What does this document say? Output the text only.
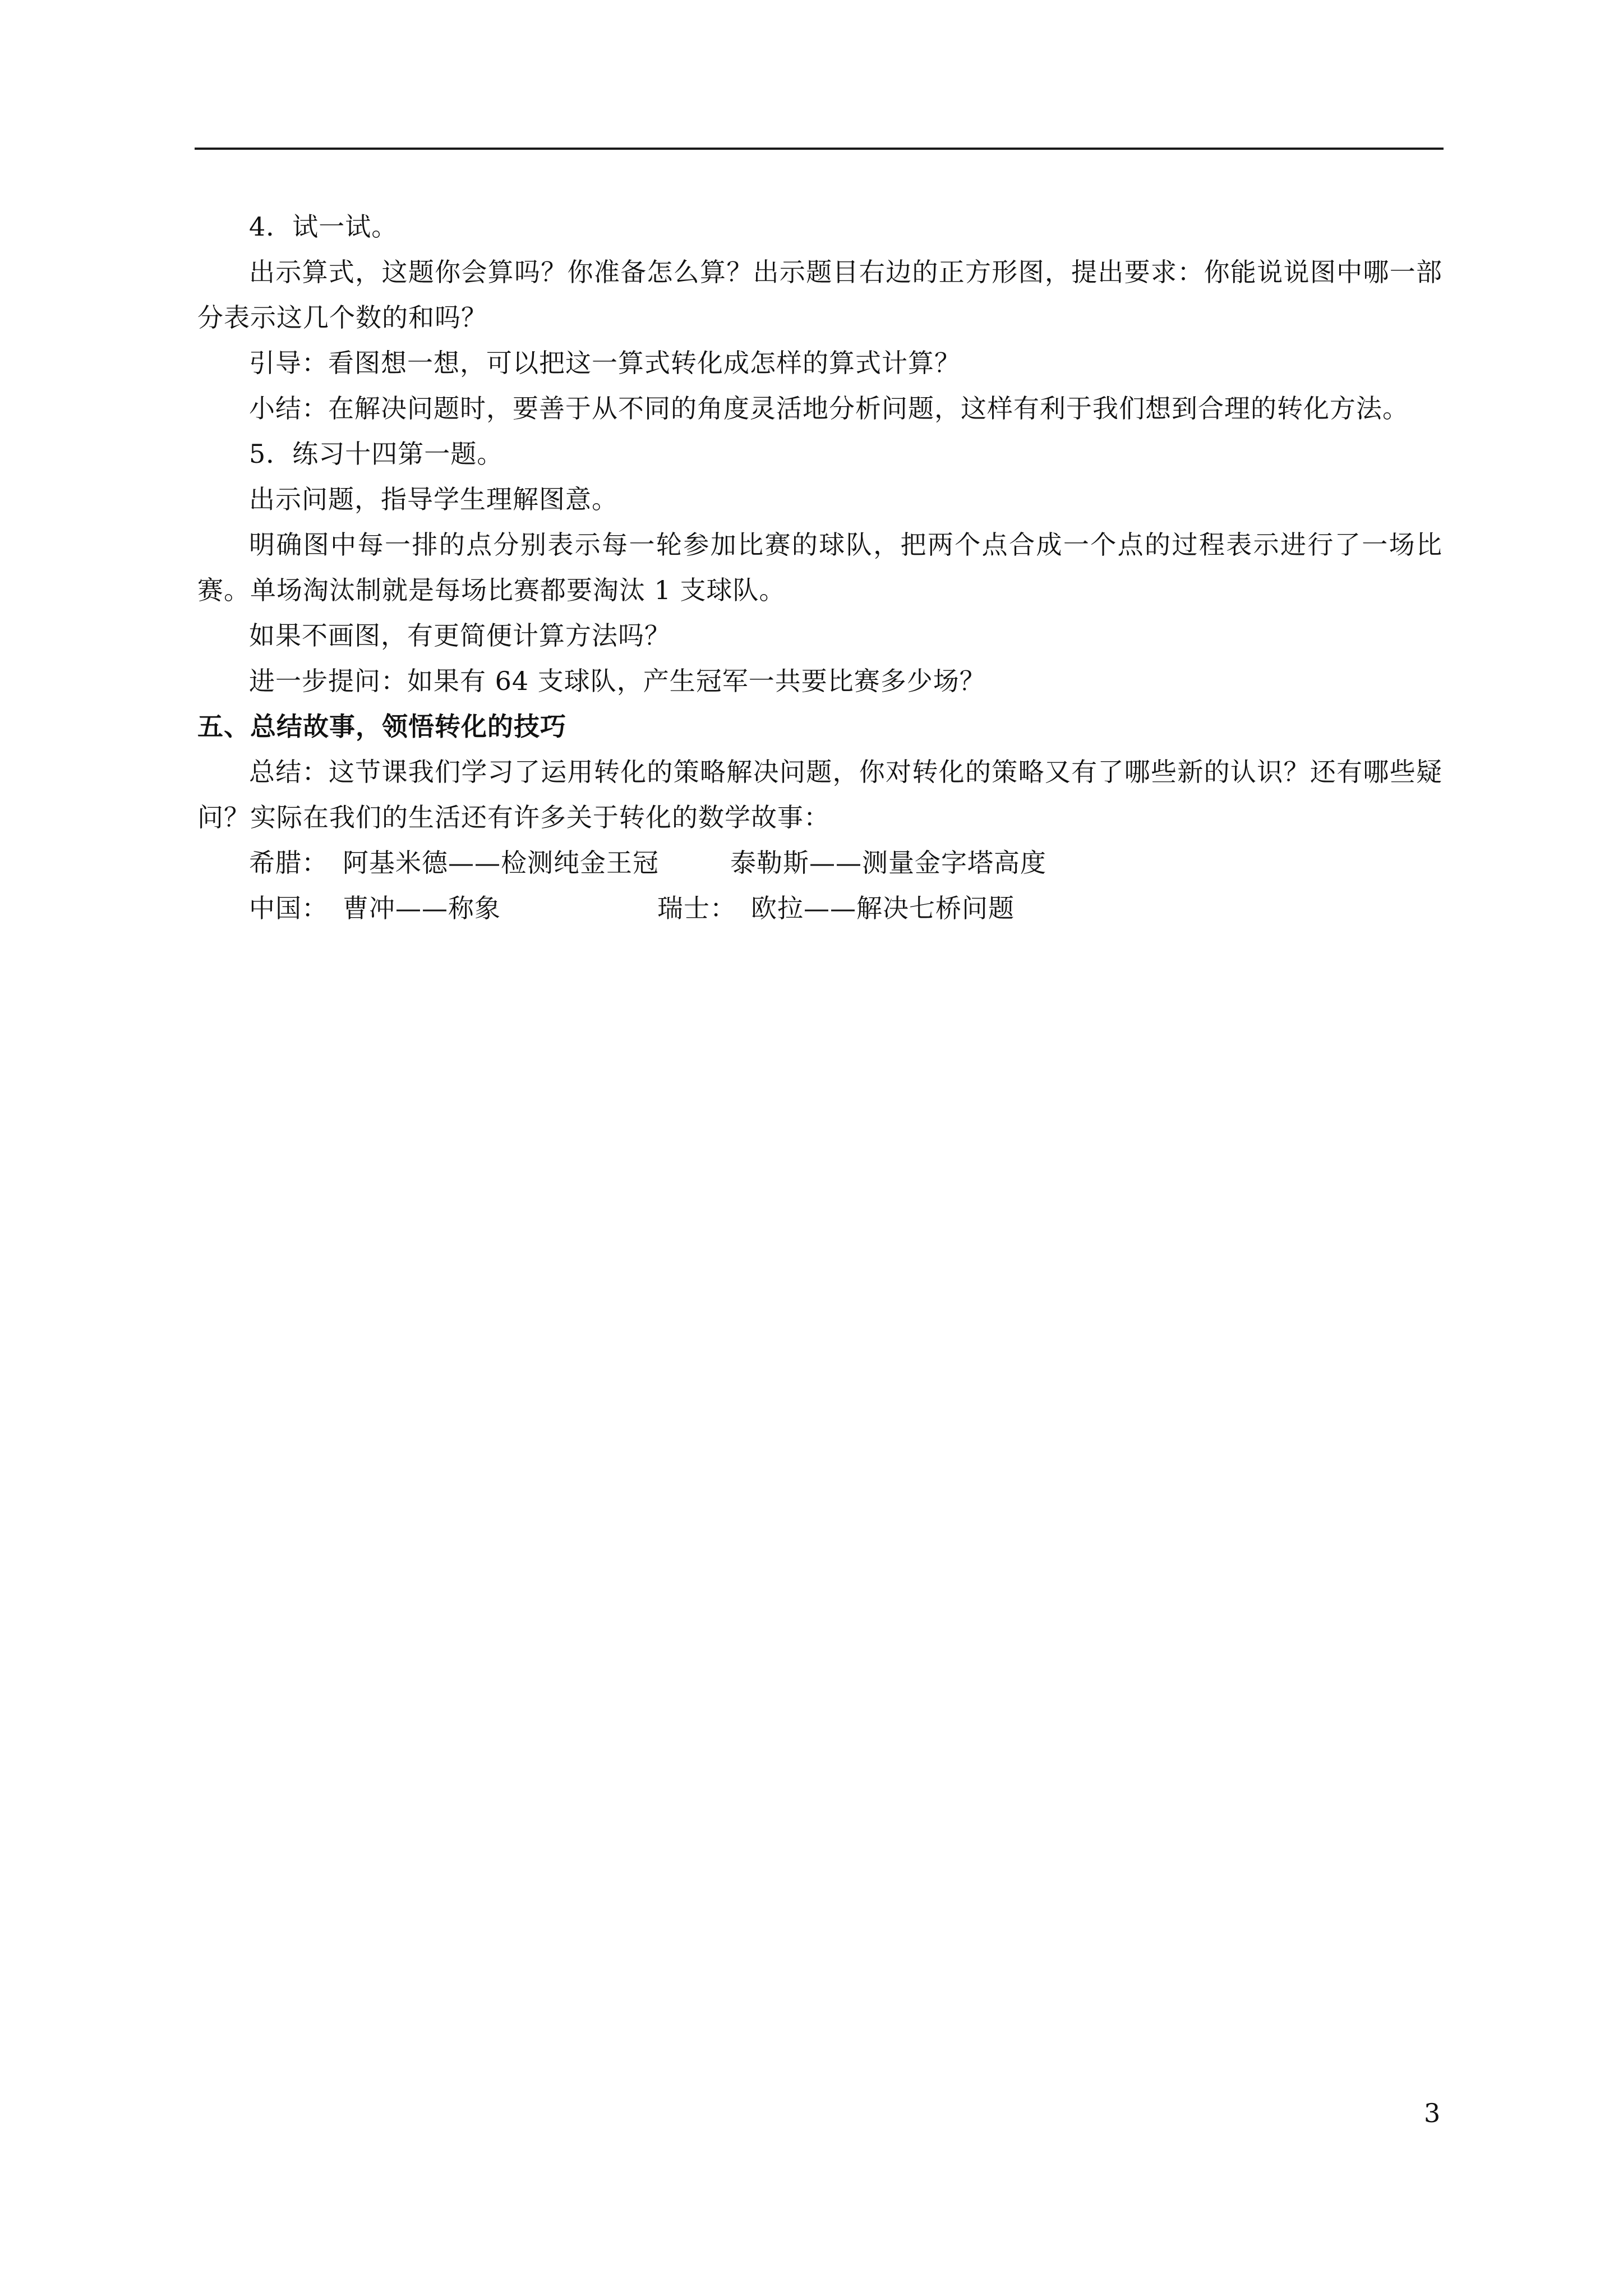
4．试一试。

出示算式，这题你会算吗？你准备怎么算？出示题目右边的正方形图，提出要求：你能说说图中哪一部分表示这几个数的和吗？

引导：看图想一想，可以把这一算式转化成怎样的算式计算？

小结：在解决问题时，要善于从不同的角度灵活地分析问题，这样有利于我们想到合理的转化方法。

5．练习十四第一题。

出示问题，指导学生理解图意。

明确图中每一排的点分别表示每一轮参加比赛的球队，把两个点合成一个点的过程表示进行了一场比赛。单场淘汰制就是每场比赛都要淘汰 1 支球队。

如果不画图，有更简便计算方法吗？

进一步提问：如果有 64 支球队，产生冠军一共要比赛多少场？

五、总结故事，领悟转化的技巧

总结：这节课我们学习了运用转化的策略解决问题，你对转化的策略又有了哪些新的认识？还有哪些疑问？实际在我们的生活还有许多关于转化的数学故事：

希腊： 阿基米德——检测纯金王冠	泰勒斯——测量金字塔高度
中国： 曹冲——称象	瑞士： 欧拉——解决七桥问题
3
